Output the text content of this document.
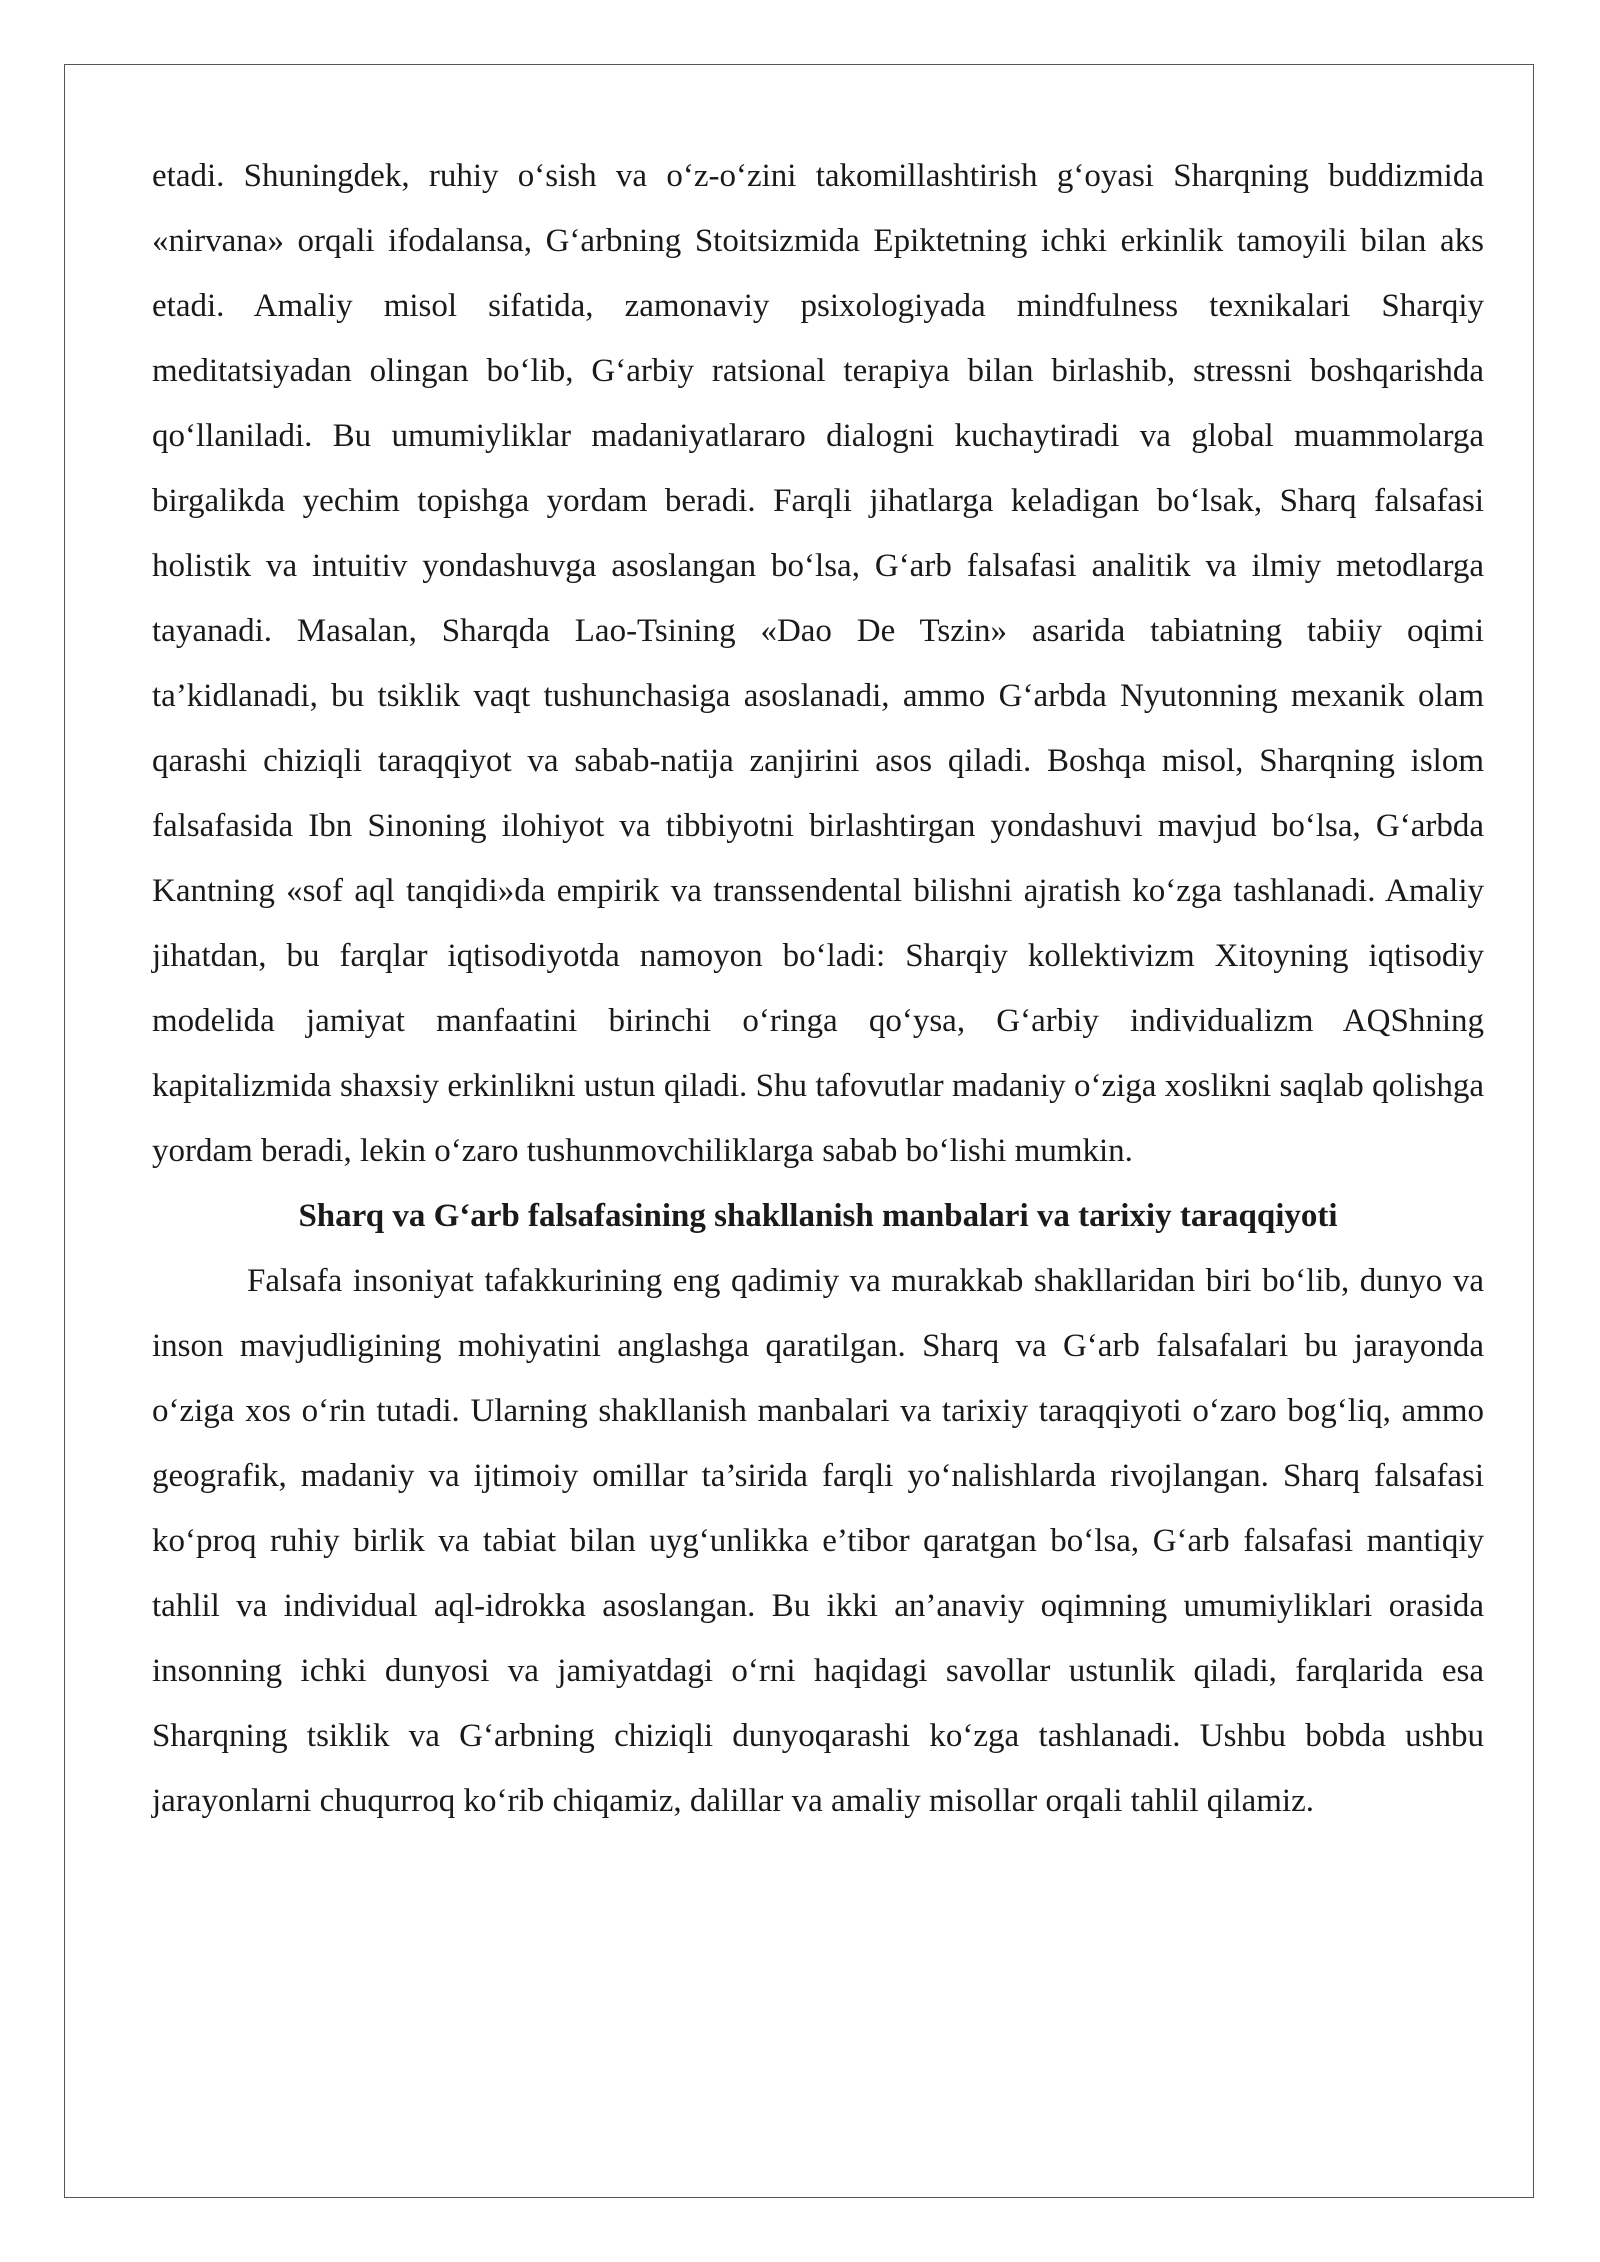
etadi. Shuningdek, ruhiy o‘sish va o‘z-o‘zini takomillashtirish g‘oyasi Sharqning buddizmida «nirvana» orqali ifodalansa, G‘arbning Stoitsizmida Epiktetning ichki erkinlik tamoyili bilan aks etadi. Amaliy misol sifatida, zamonaviy psixologiyada mindfulness texnikalari Sharqiy meditatsiyadan olingan bo‘lib, G‘arbiy ratsional terapiya bilan birlashib, stressni boshqarishda qo‘llaniladi. Bu umumiyliklar madaniyatlararo dialogni kuchaytiradi va global muammolarga birgalikda yechim topishga yordam beradi. Farqli jihatlarga keladigan bo‘lsak, Sharq falsafasi holistik va intuitiv yondashuvga asoslangan bo‘lsa, G‘arb falsafasi analitik va ilmiy metodlarga tayanadi. Masalan, Sharqda Lao-Tsining «Dao De Tszin» asarida tabiatning tabiiy oqimi ta’kidlanadi, bu tsiklik vaqt tushunchasiga asoslanadi, ammo G‘arbda Nyutonning mexanik olam qarashi chiziqli taraqqiyot va sabab-natija zanjirini asos qiladi. Boshqa misol, Sharqning islom falsafasida Ibn Sinoning ilohiyot va tibbiyotni birlashtirgan yondashuvi mavjud bo‘lsa, G‘arbda Kantning «sof aql tanqidi»da empirik va transsendental bilishni ajratish ko‘zga tashlanadi. Amaliy jihatdan, bu farqlar iqtisodiyotda namoyon bo‘ladi: Sharqiy kollektivizm Xitoyning iqtisodiy modelida jamiyat manfaatini birinchi o‘ringa qo‘ysa, G‘arbiy individualizm AQShning kapitalizmida shaxsiy erkinlikni ustun qiladi. Shu tafovutlar madaniy o‘ziga xoslikni saqlab qolishga yordam beradi, lekin o‘zaro tushunmovchiliklarga sabab bo‘lishi mumkin.

Sharq va G‘arb falsafasining shakllanish manbalari va tarixiy taraqqiyoti

Falsafa insoniyat tafakkurining eng qadimiy va murakkab shakllaridan biri bo‘lib, dunyo va inson mavjudligining mohiyatini anglashga qaratilgan. Sharq va G‘arb falsafalari bu jarayonda o‘ziga xos o‘rin tutadi. Ularning shakllanish manbalari va tarixiy taraqqiyoti o‘zaro bog‘liq, ammo geografik, madaniy va ijtimoiy omillar ta’sirida farqli yo‘nalishlarda rivojlangan. Sharq falsafasi ko‘proq ruhiy birlik va tabiat bilan uyg‘unlikka e’tibor qaratgan bo‘lsa, G‘arb falsafasi mantiqiy tahlil va individual aql-idrokka asoslangan. Bu ikki an’anaviy oqimning umumiyliklari orasida insonning ichki dunyosi va jamiyatdagi o‘rni haqidagi savollar ustunlik qiladi, farqlarida esa Sharqning tsiklik va G‘arbning chiziqli dunyoqarashi ko‘zga tashlanadi. Ushbu bobda ushbu jarayonlarni chuqurroq ko‘rib chiqamiz, dalillar va amaliy misollar orqali tahlil qilamiz.
